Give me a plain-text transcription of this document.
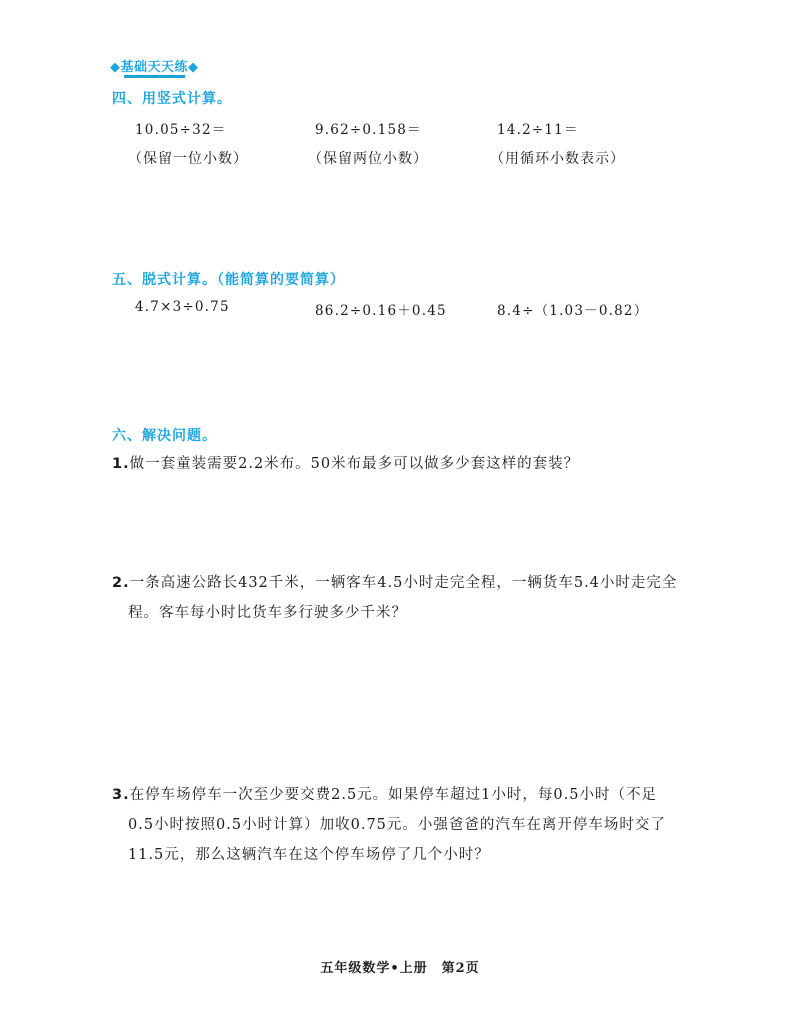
◆基础天天练◆
四、用竖式计算。
10.05÷32＝	9.62÷0.158＝	14.2÷11＝
（保留一位小数）	（保留两位小数）	（用循环小数表示）
五、脱式计算。（能简算的要简算）
4.7×3÷0.75	86.2÷0.16＋0.45	8.4÷（1.03－0.82）
六、解决问题。
1.做一套童装需要2.2米布。50米布最多可以做多少套这样的套装？
2.一条高速公路长432千米，一辆客车4.5小时走完全程，一辆货车5.4小时走完全
程。客车每小时比货车多行驶多少千米？
3.在停车场停车一次至少要交费2.5元。如果停车超过1小时，每0.5小时（不足
0.5小时按照0.5小时计算）加收0.75元。小强爸爸的汽车在离开停车场时交了
11.5元，那么这辆汽车在这个停车场停了几个小时？
五年级数学•上册　第2页
